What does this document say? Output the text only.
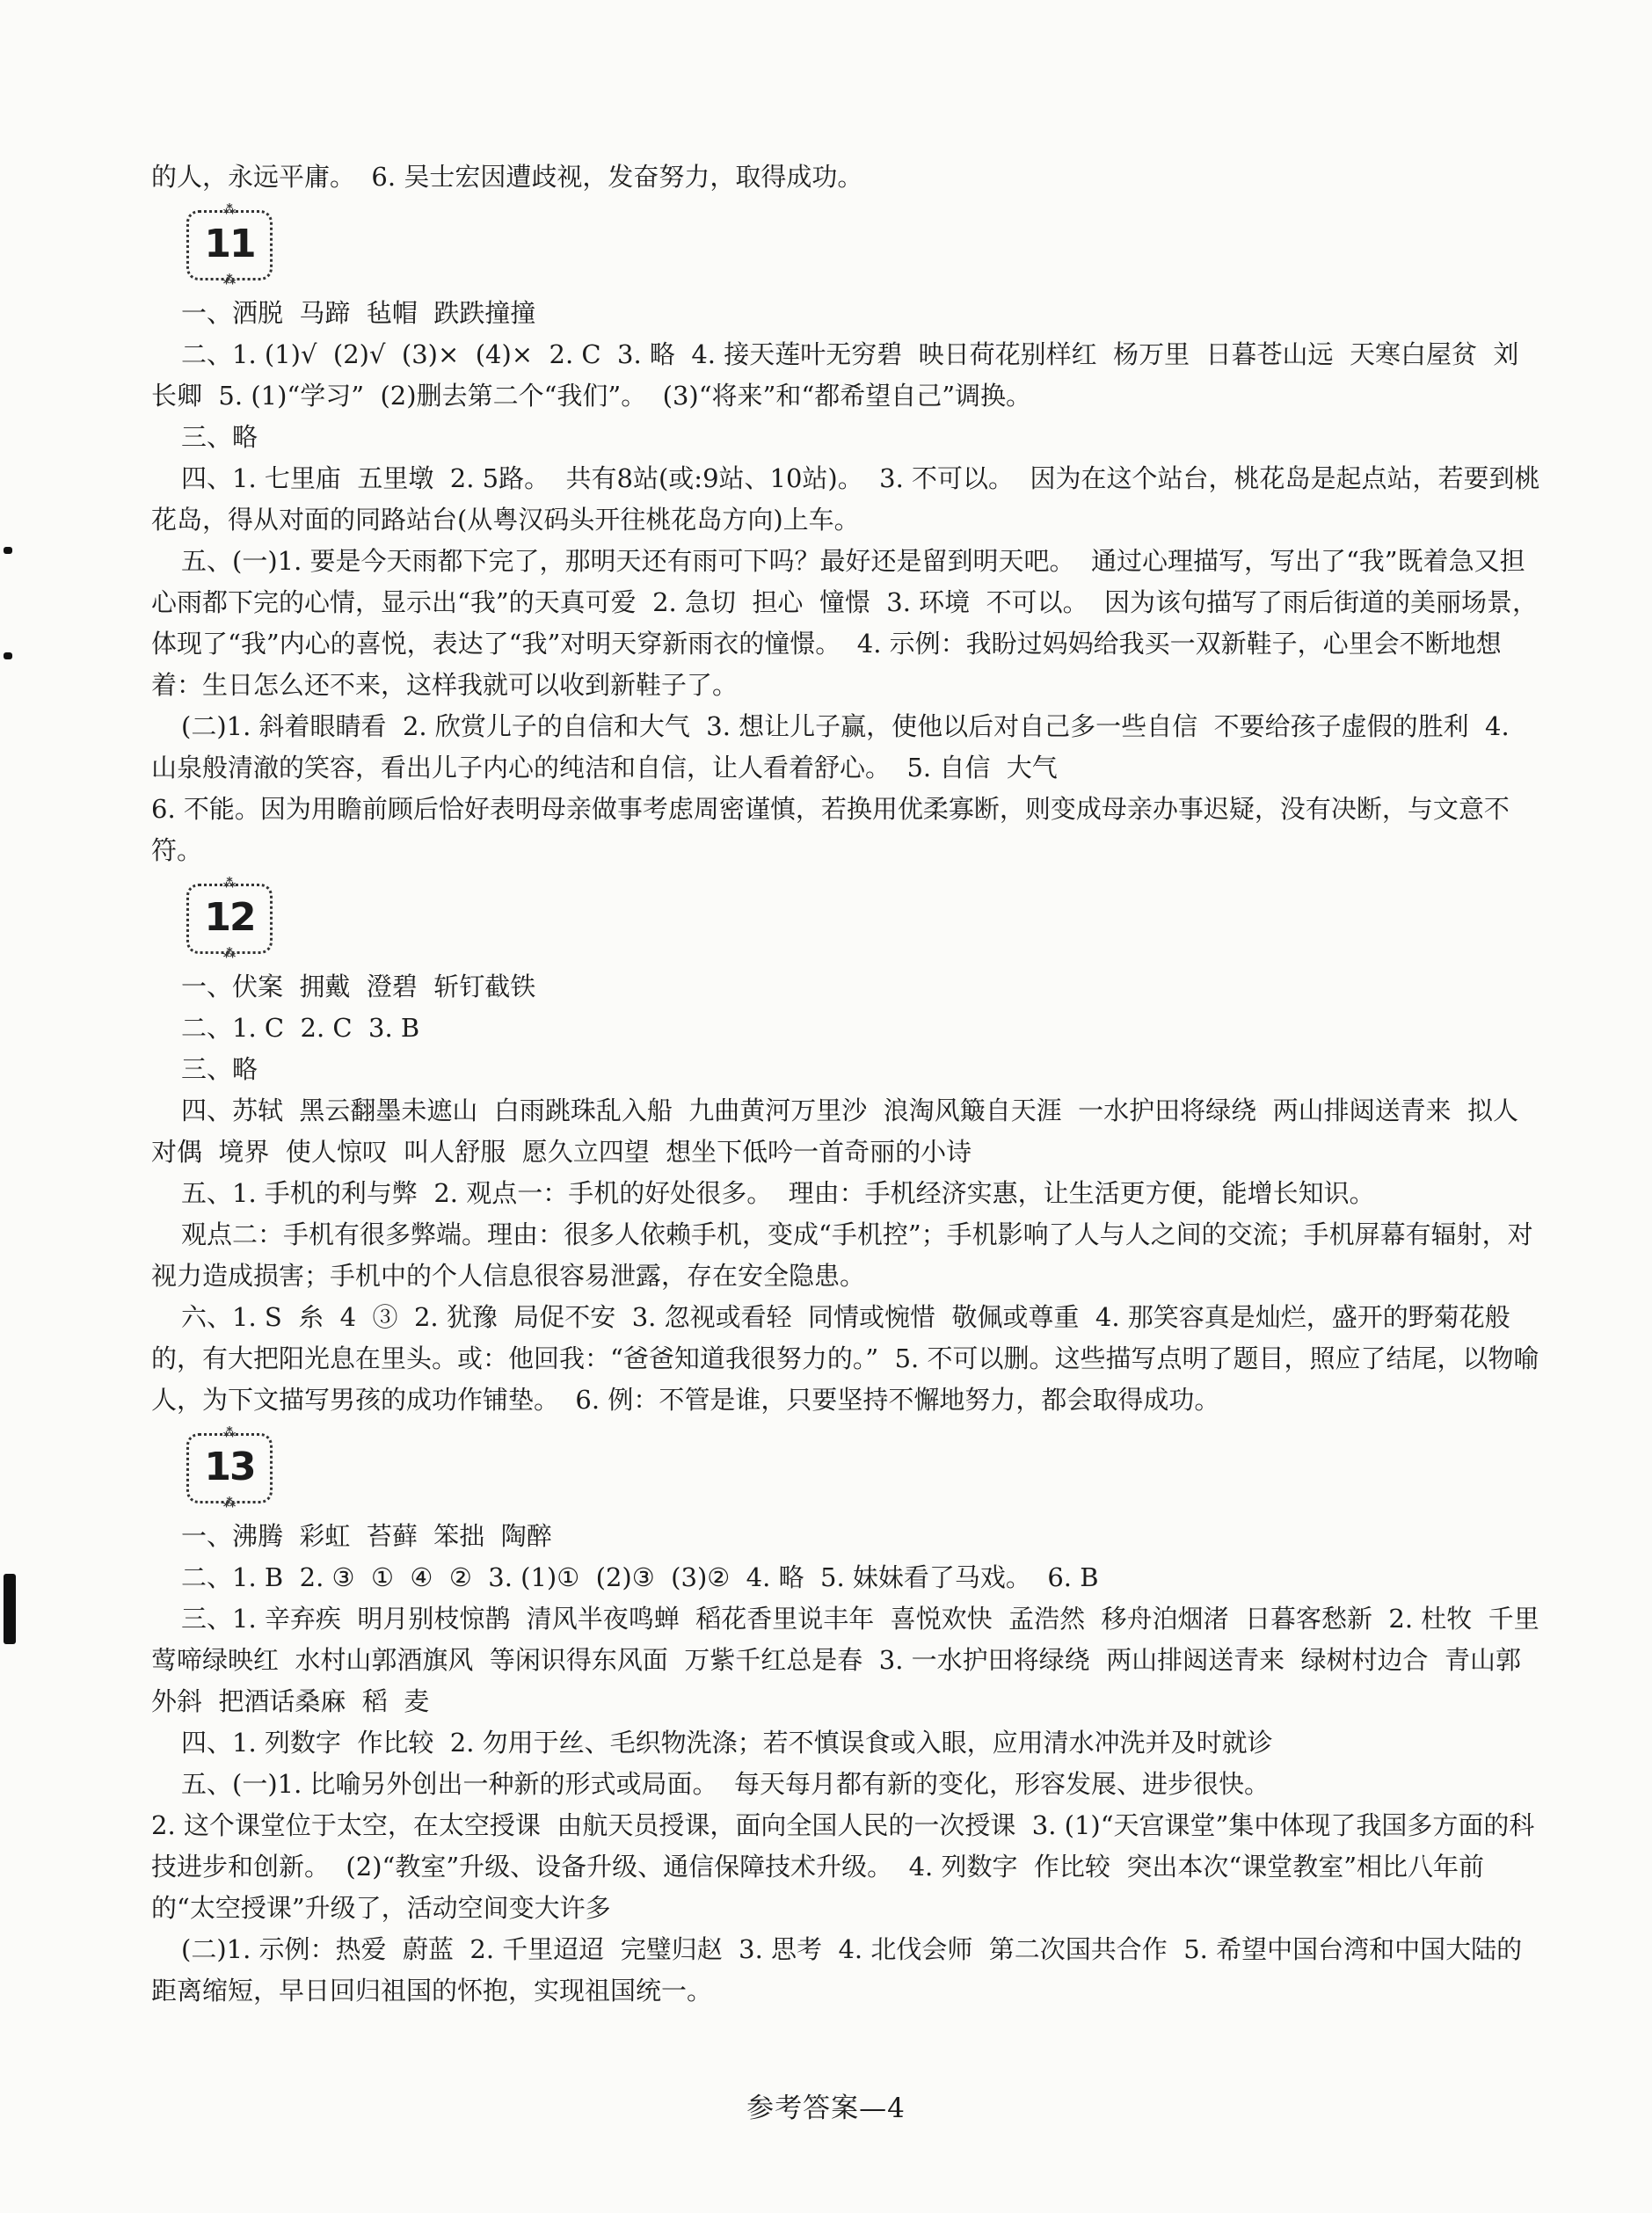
的人，永远平庸。  6. 吴士宏因遭歧视，发奋努力，取得成功。

⁂ 11 ⁂

一、洒脱  马蹄  毡帽  跌跌撞撞

二、1. (1)√  (2)√  (3)×  (4)×  2. C  3. 略  4. 接天莲叶无穷碧  映日荷花别样红  杨万里  日暮苍山远  天寒白屋贫  刘长卿  5. (1)“学习”  (2)删去第二个“我们”。  (3)“将来”和“都希望自己”调换。

三、略

四、1. 七里庙  五里墩  2. 5路。  共有8站(或:9站、10站)。  3. 不可以。  因为在这个站台，桃花岛是起点站，若要到桃花岛，得从对面的同路站台(从粤汉码头开往桃花岛方向)上车。

五、(一)1. 要是今天雨都下完了，那明天还有雨可下吗？最好还是留到明天吧。  通过心理描写，写出了“我”既着急又担心雨都下完的心情，显示出“我”的天真可爱  2. 急切  担心  憧憬  3. 环境  不可以。  因为该句描写了雨后街道的美丽场景，体现了“我”内心的喜悦，表达了“我”对明天穿新雨衣的憧憬。  4. 示例：我盼过妈妈给我买一双新鞋子，心里会不断地想着：生日怎么还不来，这样我就可以收到新鞋子了。

(二)1. 斜着眼睛看  2. 欣赏儿子的自信和大气  3. 想让儿子赢，使他以后对自己多一些自信  不要给孩子虚假的胜利  4. 山泉般清澈的笑容，看出儿子内心的纯洁和自信，让人看着舒心。  5. 自信  大气

6. 不能。因为用瞻前顾后恰好表明母亲做事考虑周密谨慎，若换用优柔寡断，则变成母亲办事迟疑，没有决断，与文意不符。

⁂ 12 ⁂

一、伏案  拥戴  澄碧  斩钉截铁

二、1. C  2. C  3. B

三、略

四、苏轼  黑云翻墨未遮山  白雨跳珠乱入船  九曲黄河万里沙  浪淘风簸自天涯  一水护田将绿绕  两山排闼送青来  拟人  对偶  境界  使人惊叹  叫人舒服  愿久立四望  想坐下低吟一首奇丽的小诗

五、1. 手机的利与弊  2. 观点一：手机的好处很多。  理由：手机经济实惠，让生活更方便，能增长知识。

观点二：手机有很多弊端。理由：很多人依赖手机，变成“手机控”；手机影响了人与人之间的交流；手机屏幕有辐射，对视力造成损害；手机中的个人信息很容易泄露，存在安全隐患。

六、1. S  糸  4  ③  2. 犹豫  局促不安  3. 忽视或看轻  同情或惋惜  敬佩或尊重  4. 那笑容真是灿烂，盛开的野菊花般的，有大把阳光息在里头。或：他回我：“爸爸知道我很努力的。”  5. 不可以删。这些描写点明了题目，照应了结尾，以物喻人，为下文描写男孩的成功作铺垫。  6. 例：不管是谁，只要坚持不懈地努力，都会取得成功。

⁂ 13 ⁂

一、沸腾  彩虹  苔藓  笨拙  陶醉

二、1. B  2. ③  ①  ④  ②  3. (1)①  (2)③  (3)②  4. 略  5. 妹妹看了马戏。  6. B

三、1. 辛弃疾  明月别枝惊鹊  清风半夜鸣蝉  稻花香里说丰年  喜悦欢快  孟浩然  移舟泊烟渚  日暮客愁新  2. 杜牧  千里莺啼绿映红  水村山郭酒旗风  等闲识得东风面  万紫千红总是春  3. 一水护田将绿绕  两山排闼送青来  绿树村边合  青山郭外斜  把酒话桑麻  稻  麦

四、1. 列数字  作比较  2. 勿用于丝、毛织物洗涤；若不慎误食或入眼，应用清水冲洗并及时就诊

五、(一)1. 比喻另外创出一种新的形式或局面。  每天每月都有新的变化，形容发展、进步很快。

2. 这个课堂位于太空，在太空授课  由航天员授课，面向全国人民的一次授课  3. (1)“天宫课堂”集中体现了我国多方面的科技进步和创新。  (2)“教室”升级、设备升级、通信保障技术升级。  4. 列数字  作比较  突出本次“课堂教室”相比八年前的“太空授课”升级了，活动空间变大许多

(二)1. 示例：热爱  蔚蓝  2. 千里迢迢  完璧归赵  3. 思考  4. 北伐会师  第二次国共合作  5. 希望中国台湾和中国大陆的距离缩短，早日回归祖国的怀抱，实现祖国统一。

参考答案—4
